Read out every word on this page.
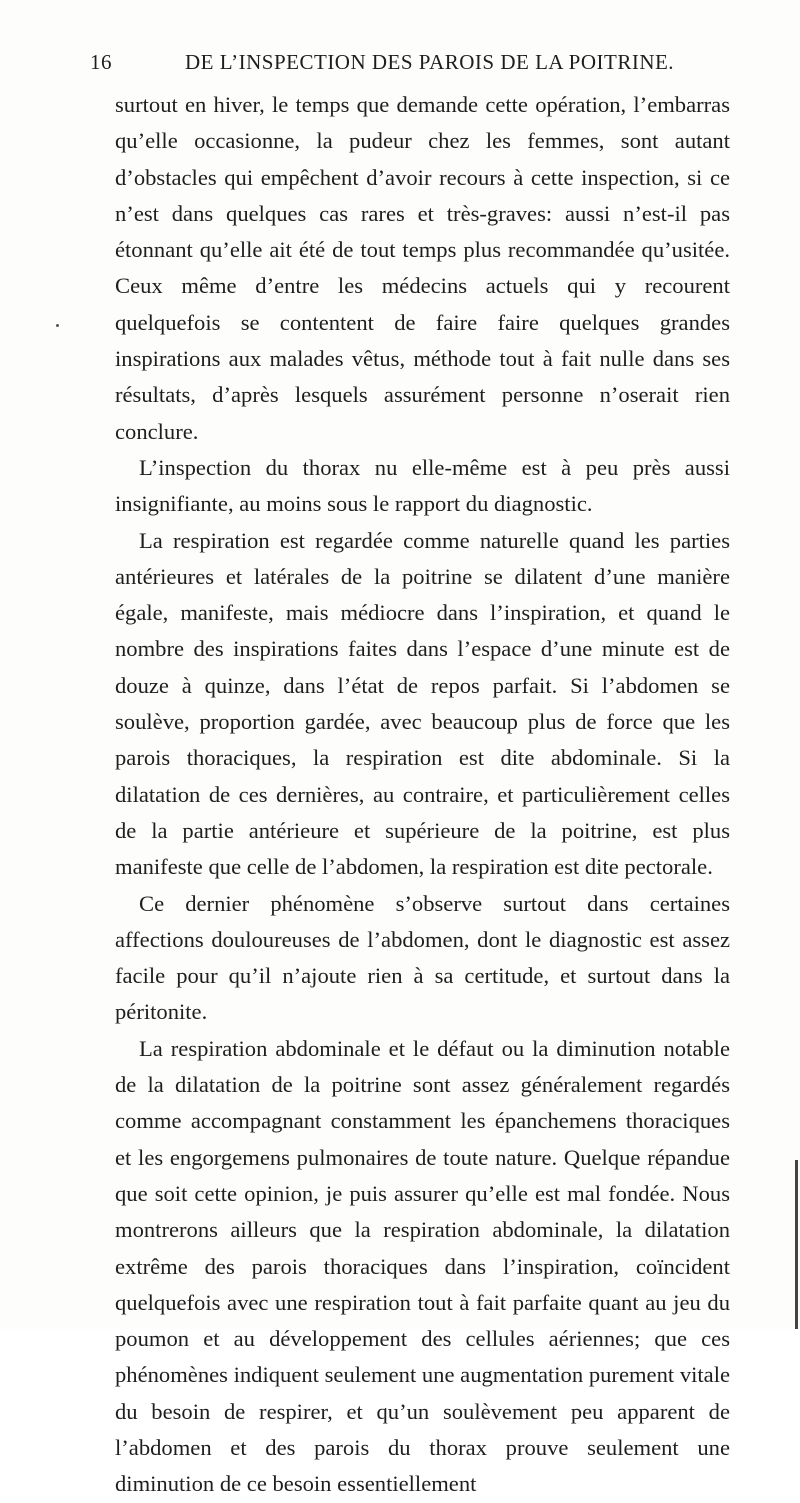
16	DE L’INSPECTION DES PAROIS DE LA POITRINE.

surtout en hiver, le temps que demande cette opération, l’embarras qu’elle occasionne, la pudeur chez les femmes, sont autant d’obstacles qui empêchent d’avoir recours à cette inspection, si ce n’est dans quelques cas rares et très-graves: aussi n’est-il pas étonnant qu’elle ait été de tout temps plus recommandée qu’usitée. Ceux même d’entre les médecins actuels qui y recourent quelquefois se contentent de faire faire quelques grandes inspirations aux malades vêtus, méthode tout à fait nulle dans ses résultats, d’après lesquels assurément personne n’oserait rien conclure.

L’inspection du thorax nu elle-même est à peu près aussi insignifiante, au moins sous le rapport du diagnostic.

La respiration est regardée comme naturelle quand les parties antérieures et latérales de la poitrine se dilatent d’une manière égale, manifeste, mais médiocre dans l’inspiration, et quand le nombre des inspirations faites dans l’espace d’une minute est de douze à quinze, dans l’état de repos parfait. Si l’abdomen se soulève, proportion gardée, avec beaucoup plus de force que les parois thoraciques, la respiration est dite abdominale. Si la dilatation de ces dernières, au contraire, et particulièrement celles de la partie antérieure et supérieure de la poitrine, est plus manifeste que celle de l’abdomen, la respiration est dite pectorale.

Ce dernier phénomène s’observe surtout dans certaines affections douloureuses de l’abdomen, dont le diagnostic est assez facile pour qu’il n’ajoute rien à sa certitude, et surtout dans la péritonite.

La respiration abdominale et le défaut ou la diminution notable de la dilatation de la poitrine sont assez généralement regardés comme accompagnant constamment les épanchemens thoraciques et les engorgemens pulmonaires de toute nature. Quelque répandue que soit cette opinion, je puis assurer qu’elle est mal fondée. Nous montrerons ailleurs que la respiration abdominale, la dilatation extrême des parois thoraciques dans l’inspiration, coïncident quelquefois avec une respiration tout à fait parfaite quant au jeu du poumon et au développement des cellules aériennes; que ces phénomènes indiquent seulement une augmentation purement vitale du besoin de respirer, et qu’un soulèvement peu apparent de l’abdomen et des parois du thorax prouve seulement une diminution de ce besoin essentiellement
